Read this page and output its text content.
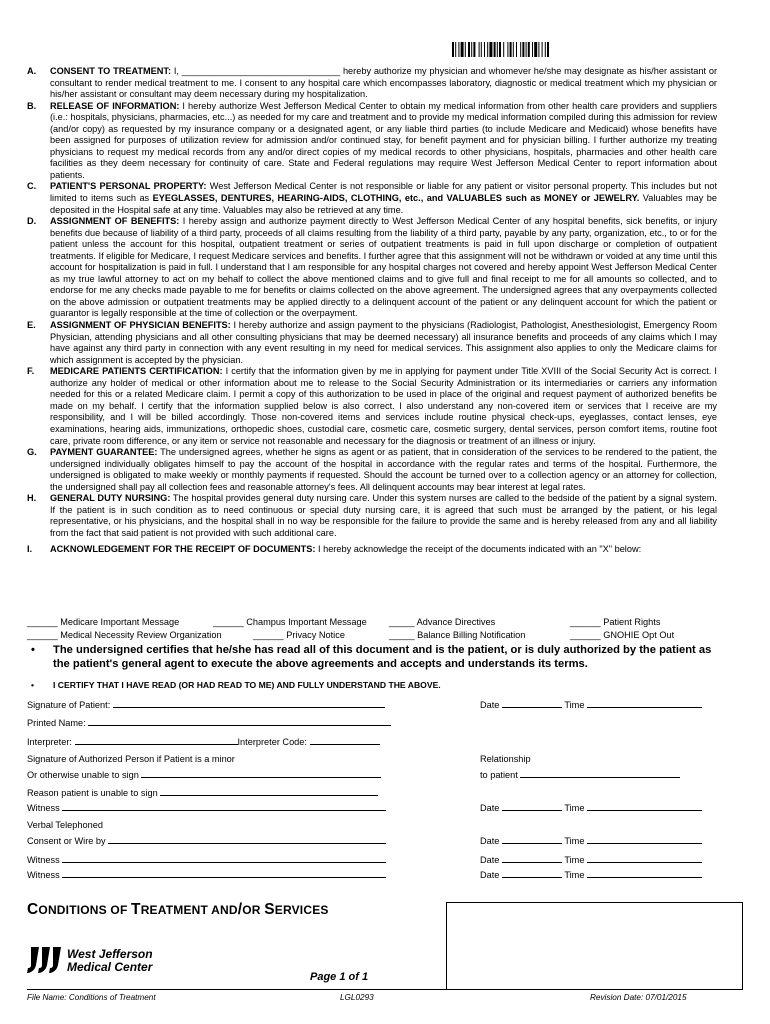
A.	CONSENT TO TREATMENT: I, _______________________________ hereby authorize my physician and whomever he/she may designate as his/her assistant or consultant to render medical treatment to me. I consent to any hospital care which encompasses laboratory, diagnostic or medical treatment which my physician or his/her assistant or consultant may deem necessary during my hospitalization.
B.	RELEASE OF INFORMATION: I hereby authorize West Jefferson Medical Center to obtain my medical information from other health care providers and suppliers (i.e.: hospitals, physicians, pharmacies, etc...) as needed for my care and treatment and to provide my medical information compiled during this admission for review (and/or copy) as requested by my insurance company or a designated agent, or any liable third parties (to include Medicare and Medicaid) whose benefits have been assigned for purposes of utilization review for admission and/or continued stay, for benefit payment and for physician billing. I further authorize my treating physicians to request my medical records from any and/or direct copies of my medical records to other physicians, hospitals, pharmacies and other health care facilities as they deem necessary for continuity of care. State and Federal regulations may require West Jefferson Medical Center to report information about patients.
C.	PATIENT'S PERSONAL PROPERTY: West Jefferson Medical Center is not responsible or liable for any patient or visitor personal property. This includes but not limited to items such as EYEGLASSES, DENTURES, HEARING-AIDS, CLOTHING, etc., and VALUABLES such as MONEY or JEWELRY. Valuables may be deposited in the Hospital safe at any time. Valuables may also be retrieved at any time.
D.	ASSIGNMENT OF BENEFITS: I hereby assign and authorize payment directly to West Jefferson Medical Center of any hospital benefits, sick benefits, or injury benefits due because of liability of a third party, proceeds of all claims resulting from the liability of a third party, payable by any party, organization, etc., to or for the patient unless the account for this hospital, outpatient treatment or series of outpatient treatments is paid in full upon discharge or completion of outpatient treatments. If eligible for Medicare, I request Medicare services and benefits. I further agree that this assignment will not be withdrawn or voided at any time until this account for hospitalization is paid in full. I understand that I am responsible for any hospital charges not covered and hereby appoint West Jefferson Medical Center as my true lawful attorney to act on my behalf to collect the above mentioned claims and to give full and final receipt to me for all amounts so collected, and to endorse for me any checks made payable to me for benefits or claims collected on the above agreement. The undersigned agrees that any overpayments collected on the above admission or outpatient treatments may be applied directly to a delinquent account of the patient or any delinquent account for which the patient or guarantor is legally responsible at the time of collection or the overpayment.
E.	ASSIGNMENT OF PHYSICIAN BENEFITS: I hereby authorize and assign payment to the physicians (Radiologist, Pathologist, Anesthesiologist, Emergency Room Physician, attending physicians and all other consulting physicians that may be deemed necessary) all insurance benefits and proceeds of any claims which I may have against any third party in connection with any event resulting in my need for medical services. This assignment also applies to only the Medicare claims for which assignment is accepted by the physician.
F.	MEDICARE PATIENTS CERTIFICATION: I certify that the information given by me in applying for payment under Title XVIII of the Social Security Act is correct. I authorize any holder of medical or other information about me to release to the Social Security Administration or its intermediaries or carriers any information needed for this or a related Medicare claim. I permit a copy of this authorization to be used in place of the original and request payment of authorized benefits be made on my behalf. I certify that the information supplied below is also correct. I also understand any non-covered item or services that I receive are my responsibility, and I will be billed accordingly. Those non-covered items and services include routine physical check-ups, eyeglasses, contact lenses, eye examinations, hearing aids, immunizations, orthopedic shoes, custodial care, cosmetic care, cosmetic surgery, dental services, person comfort items, routine foot care, private room difference, or any item or service not reasonable and necessary for the diagnosis or treatment of an illness or injury.
G.	PAYMENT GUARANTEE: The undersigned agrees, whether he signs as agent or as patient, that in consideration of the services to be rendered to the patient, the undersigned individually obligates himself to pay the account of the hospital in accordance with the regular rates and terms of the hospital. Furthermore, the undersigned is obligated to make weekly or monthly payments if requested. Should the account be turned over to a collection agency or an attorney for collection, the undersigned shall pay all collection fees and reasonable attorney's fees. All delinquent accounts may bear interest at legal rates.
H.	GENERAL DUTY NURSING: The hospital provides general duty nursing care. Under this system nurses are called to the bedside of the patient by a signal system. If the patient is in such condition as to need continuous or special duty nursing care, it is agreed that such must be arranged by the patient, or his legal representative, or his physicians, and the hospital shall in no way be responsible for the failure to provide the same and is hereby released from any and all liability from the fact that said patient is not provided with such additional care.
I.	ACKNOWLEDGEMENT FOR THE RECEIPT OF DOCUMENTS: I hereby acknowledge the receipt of the documents indicated with an "X" below:
______ Medicare Important Message	______ Champus Important Message _____ Advance Directives	______ Patient Rights
______ Medical Necessity Review Organization	______ Privacy Notice	_____ Balance Billing Notification	______ GNOHIE Opt Out
•	The undersigned certifies that he/she has read all of this document and is the patient, or is duly authorized by the patient as the patient's general agent to execute the above agreements and accepts and understands its terms.
•	I CERTIFY THAT I HAVE READ (OR HAD READ TO ME) AND FULLY UNDERSTAND THE ABOVE.
Signature of Patient:	Date	Time
Printed Name:
Interpreter:	Interpreter Code:
Signature of Authorized Person if Patient is a minor
Or otherwise unable to sign
Relationship
to patient
Reason patient is unable to sign
Witness	Date	Time
Verbal Telephoned
Consent or Wire by	Date	Time
Witness	Date	Time
Witness	Date	Time
CONDITIONS OF TREATMENT AND/OR SERVICES
West Jefferson
Medical Center
Page 1 of 1
File Name: Conditions of Treatment	LGL0293	Revision Date: 07/01/2015
